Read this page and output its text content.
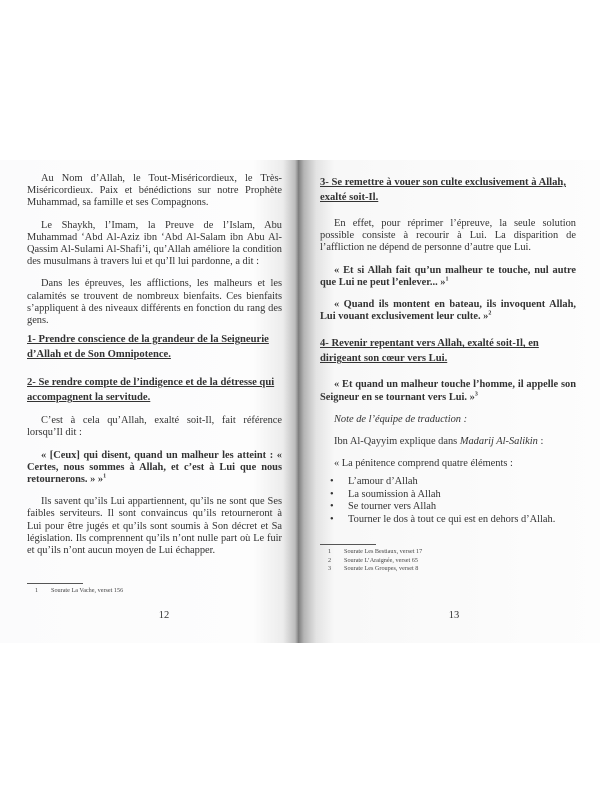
Au Nom d’Allah, le Tout-Miséricordieux, le Très-Miséricordieux. Paix et bénédictions sur notre Prophète Muhammad, sa famille et ses Compagnons.

Le Shaykh, l’Imam, la Preuve de l’Islam, Abu Muhammad ‘Abd Al-Aziz ibn ‘Abd Al-Salam ibn Abu Al-Qassim Al-Sulami Al-Shafi’i, qu’Allah améliore la condition des musulmans à travers lui et qu’Il lui pardonne, a dit :

Dans les épreuves, les afflictions, les malheurs et les calamités se trouvent de nombreux bienfaits. Ces bienfaits s’appliquent à des niveaux différents en fonction du rang des gens.

1- Prendre conscience de la grandeur de la Seigneurie d’Allah et de Son Omnipotence.

2- Se rendre compte de l’indigence et de la détresse qui accompagnent la servitude.

C’est à cela qu’Allah, exalté soit-Il, fait référence lorsqu’Il dit :

« [Ceux] qui disent, quand un malheur les atteint : « Certes, nous sommes à Allah, et c’est à Lui que nous retournerons. » »$^1$

Ils savent qu’ils Lui appartiennent, qu’ils ne sont que Ses faibles serviteurs. Il sont convaincus qu’ils retourneront à Lui pour être jugés et qu’ils sont soumis à Son décret et Sa législation. Ils comprennent qu’ils n’ont nulle part où Le fuir et qu’ils n’ont aucun moyen de Lui échapper.

1 Sourate La Vache, verset 156
12

3- Se remettre à vouer son culte exclusivement à Allah, exalté soit-Il.

En effet, pour réprimer l’épreuve, la seule solution possible consiste à recourir à Lui. La disparition de l’affliction ne dépend de personne d’autre que Lui.

« Et si Allah fait qu’un malheur te touche, nul autre que Lui ne peut l’enlever... »$^1$

« Quand ils montent en bateau, ils invoquent Allah, Lui vouant exclusivement leur culte. »$^2$

4- Revenir repentant vers Allah, exalté soit-Il, en dirigeant son cœur vers Lui.

« Et quand un malheur touche l’homme, il appelle son Seigneur en se tournant vers Lui. »$^3$

Note de l’équipe de traduction :

Ibn Al-Qayyim explique dans Madarij Al-Salikin :

« La pénitence comprend quatre éléments :

• L’amour d’Allah
• La soumission à Allah
• Se tourner vers Allah
• Tourner le dos à tout ce qui est en dehors d’Allah.
1 Sourate Les Bestiaux, verset 17
2 Sourate L’Araignée, verset 65
3 Sourate Les Groupes, verset 8
13
